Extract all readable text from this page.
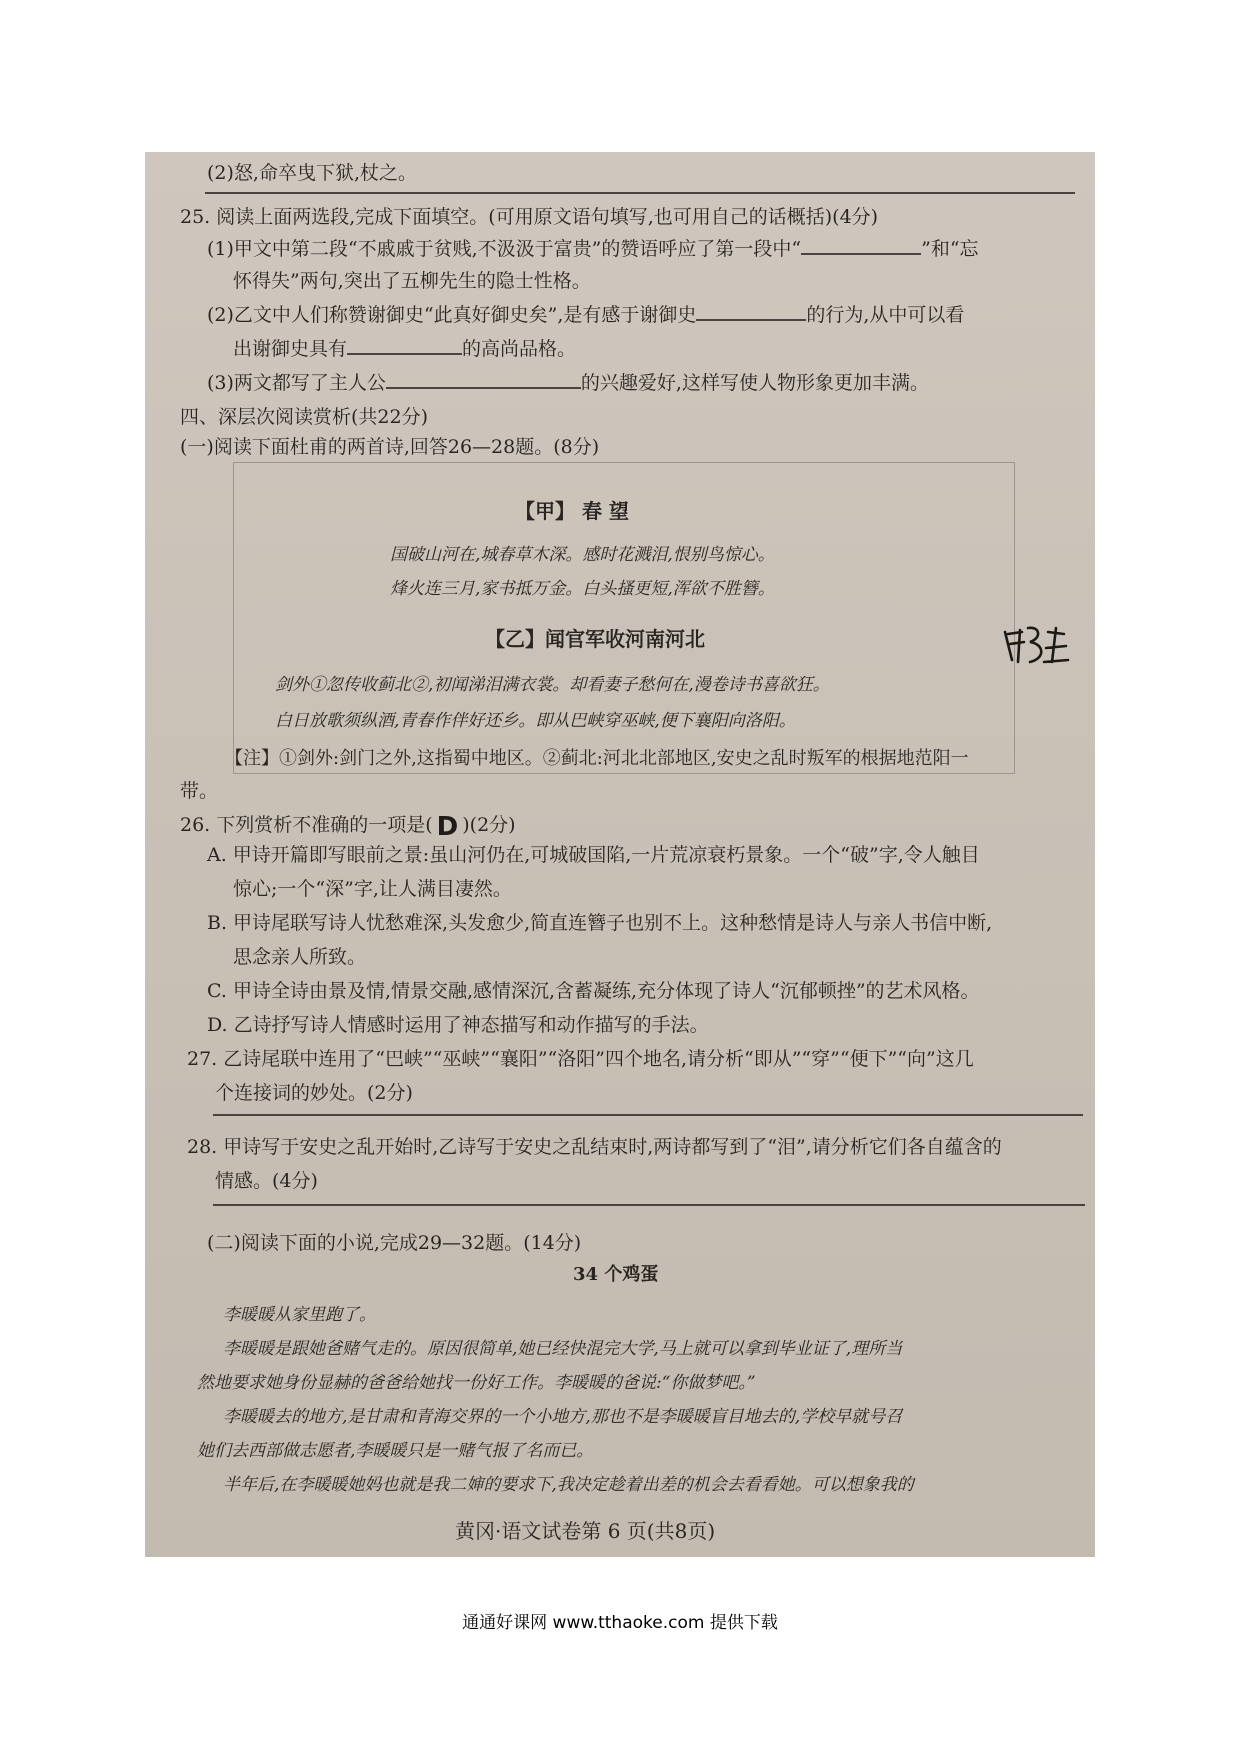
(2)怒,命卒曳下狱,杖之。
25. 阅读上面两选段,完成下面填空。(可用原文语句填写,也可用自己的话概括)(4分)
(1)甲文中第二段“不戚戚于贫贱,不汲汲于富贵”的赞语呼应了第一段中“	”和“忘
怀得失”两句,突出了五柳先生的隐士性格。
(2)乙文中人们称赞谢御史“此真好御史矣”,是有感于谢御史	的行为,从中可以看
出谢御史具有	的高尚品格。
(3)两文都写了主人公	的兴趣爱好,这样写使人物形象更加丰满。
四、深层次阅读赏析(共22分)
(一)阅读下面杜甫的两首诗,回答26—28题。(8分)
【甲】 春 望
国破山河在,城春草木深。感时花溅泪,恨别鸟惊心。
烽火连三月,家书抵万金。白头搔更短,浑欲不胜簪。
【乙】闻官军收河南河北
剑外①忽传收蓟北②,初闻涕泪满衣裳。却看妻子愁何在,漫卷诗书喜欲狂。
白日放歌须纵酒,青春作伴好还乡。即从巴峡穿巫峡,便下襄阳向洛阳。
【注】①剑外:剑门之外,这指蜀中地区。②蓟北:河北北部地区,安史之乱时叛军的根据地范阳一
带。
26. 下列赏析不准确的一项是( D )(2分)
A. 甲诗开篇即写眼前之景:虽山河仍在,可城破国陷,一片荒凉衰朽景象。一个“破”字,令人触目
惊心;一个“深”字,让人满目凄然。
B. 甲诗尾联写诗人忧愁难深,头发愈少,简直连簪子也别不上。这种愁情是诗人与亲人书信中断,
思念亲人所致。
C. 甲诗全诗由景及情,情景交融,感情深沉,含蓄凝练,充分体现了诗人“沉郁顿挫”的艺术风格。
D. 乙诗抒写诗人情感时运用了神态描写和动作描写的手法。
27. 乙诗尾联中连用了“巴峡”“巫峡”“襄阳”“洛阳”四个地名,请分析“即从”“穿”“便下”“向”这几
个连接词的妙处。(2分)
28. 甲诗写于安史之乱开始时,乙诗写于安史之乱结束时,两诗都写到了“泪”,请分析它们各自蕴含的
情感。(4分)
(二)阅读下面的小说,完成29—32题。(14分)
34 个鸡蛋
李暖暖从家里跑了。
李暖暖是跟她爸赌气走的。原因很简单,她已经快混完大学,马上就可以拿到毕业证了,理所当
然地要求她身份显赫的爸爸给她找一份好工作。李暖暖的爸说:“你做梦吧。”
李暖暖去的地方,是甘肃和青海交界的一个小地方,那也不是李暖暖盲目地去的,学校早就号召
她们去西部做志愿者,李暖暖只是一赌气报了名而已。
半年后,在李暖暖她妈也就是我二婶的要求下,我决定趁着出差的机会去看看她。可以想象我的
黄冈·语文试卷第 6 页(共8页)
通通好课网 www.tthaoke.com 提供下载
